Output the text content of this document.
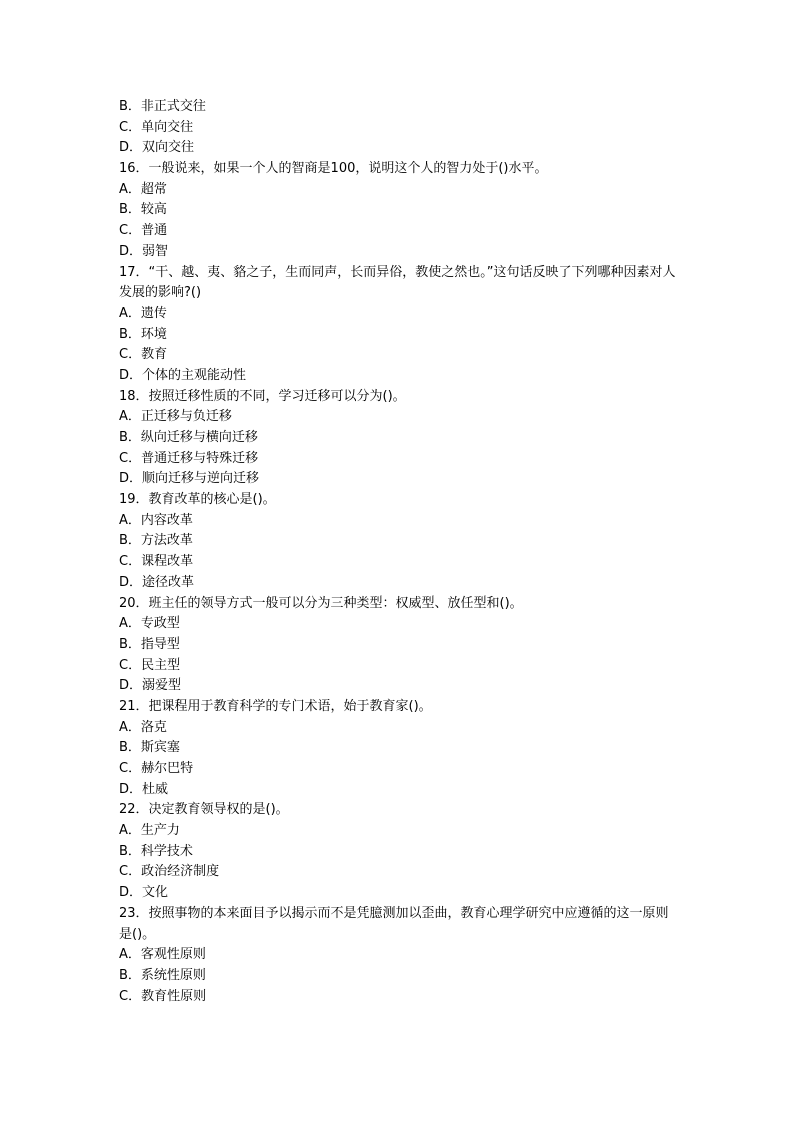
B．非正式交往
C．单向交往
D．双向交往
16．一般说来，如果一个人的智商是100，说明这个人的智力处于()水平。
A．超常
B．较高
C．普通
D．弱智
17．“干、越、夷、貉之子，生而同声，长而异俗，教使之然也。”这句话反映了下列哪种因素对人发展的影响?()
A．遗传
B．环境
C．教育
D．个体的主观能动性
18．按照迁移性质的不同，学习迁移可以分为()。
A．正迁移与负迁移
B．纵向迁移与横向迁移
C．普通迁移与特殊迁移
D．顺向迁移与逆向迁移
19．教育改革的核心是()。
A．内容改革
B．方法改革
C．课程改革
D．途径改革
20．班主任的领导方式一般可以分为三种类型：权威型、放任型和()。
A．专政型
B．指导型
C．民主型
D．溺爱型
21．把课程用于教育科学的专门术语，始于教育家()。
A．洛克
B．斯宾塞
C．赫尔巴特
D．杜威
22．决定教育领导权的是()。
A．生产力
B．科学技术
C．政治经济制度
D．文化
23．按照事物的本来面目予以揭示而不是凭臆测加以歪曲，教育心理学研究中应遵循的这一原则是()。
A．客观性原则
B．系统性原则
C．教育性原则
